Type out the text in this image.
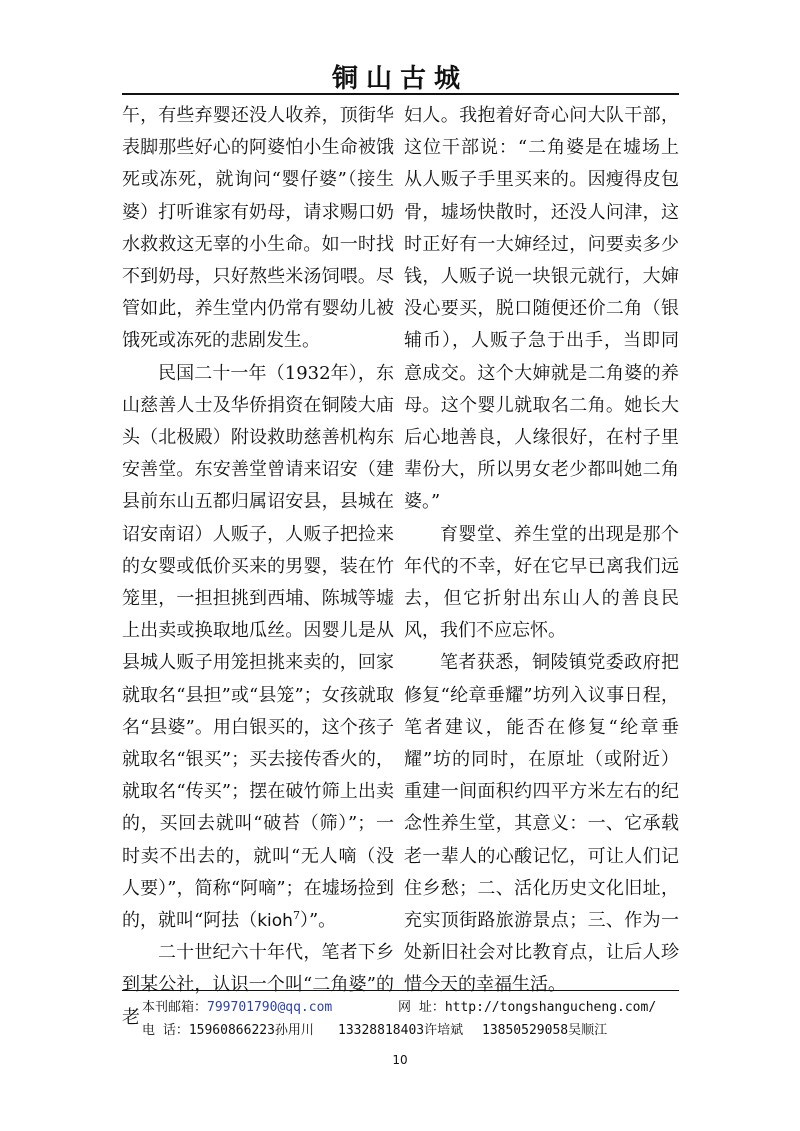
铜山古城

午，有些弃婴还没人收养，顶街华表脚那些好心的阿婆怕小生命被饿死或冻死，就询问“婴仔婆”（接生婆）打听谁家有奶母，请求赐口奶水救救这无辜的小生命。如一时找不到奶母，只好熬些米汤饲喂。尽管如此，养生堂内仍常有婴幼儿被饿死或冻死的悲剧发生。

民国二十一年（1932年），东山慈善人士及华侨捐资在铜陵大庙头（北极殿）附设救助慈善机构东安善堂。东安善堂曾请来诏安（建县前东山五都归属诏安县，县城在诏安南诏）人贩子，人贩子把捡来的女婴或低价买来的男婴，装在竹笼里，一担担挑到西埔、陈城等墟上出卖或换取地瓜丝。因婴儿是从县城人贩子用笼担挑来卖的，回家就取名“县担”或“县笼”；女孩就取名“县婆”。用白银买的，这个孩子就取名“银买”；买去接传香火的，就取名“传买”；摆在破竹筛上出卖的，买回去就叫“破苔（筛）”；一时卖不出去的，就叫“无人嘀（没人要）”，简称“阿嘀”；在墟场捡到的，就叫“阿抾（kioh$^7$）”。

二十世纪六十年代，笔者下乡到某公社，认识一个叫“二角婆”的老

妇人。我抱着好奇心问大队干部，这位干部说：“二角婆是在墟场上从人贩子手里买来的。因瘦得皮包骨，墟场快散时，还没人问津，这时正好有一大婶经过，问要卖多少钱，人贩子说一块银元就行，大婶没心要买，脱口随便还价二角（银辅币），人贩子急于出手，当即同意成交。这个大婶就是二角婆的养母。这个婴儿就取名二角。她长大后心地善良，人缘很好，在村子里辈份大，所以男女老少都叫她二角婆。”

育婴堂、养生堂的出现是那个年代的不幸，好在它早已离我们远去，但它折射出东山人的善良民风，我们不应忘怀。

笔者获悉，铜陵镇党委政府把修复“纶章垂耀”坊列入议事日程，笔者建议，能否在修复“纶章垂耀”坊的同时，在原址（或附近）重建一间面积约四平方米左右的纪念性养生堂，其意义：一、它承载老一辈人的心酸记忆，可让人们记住乡愁；二、活化历史文化旧址，充实顶街路旅游景点；三、作为一处新旧社会对比教育点，让后人珍惜今天的幸福生活。

本刊邮箱：799701790@qq.com	网 址：http://tongshangucheng.com/
电 话：15960866223孙用川 13328818403许培斌 13850529058吴顺江
10
